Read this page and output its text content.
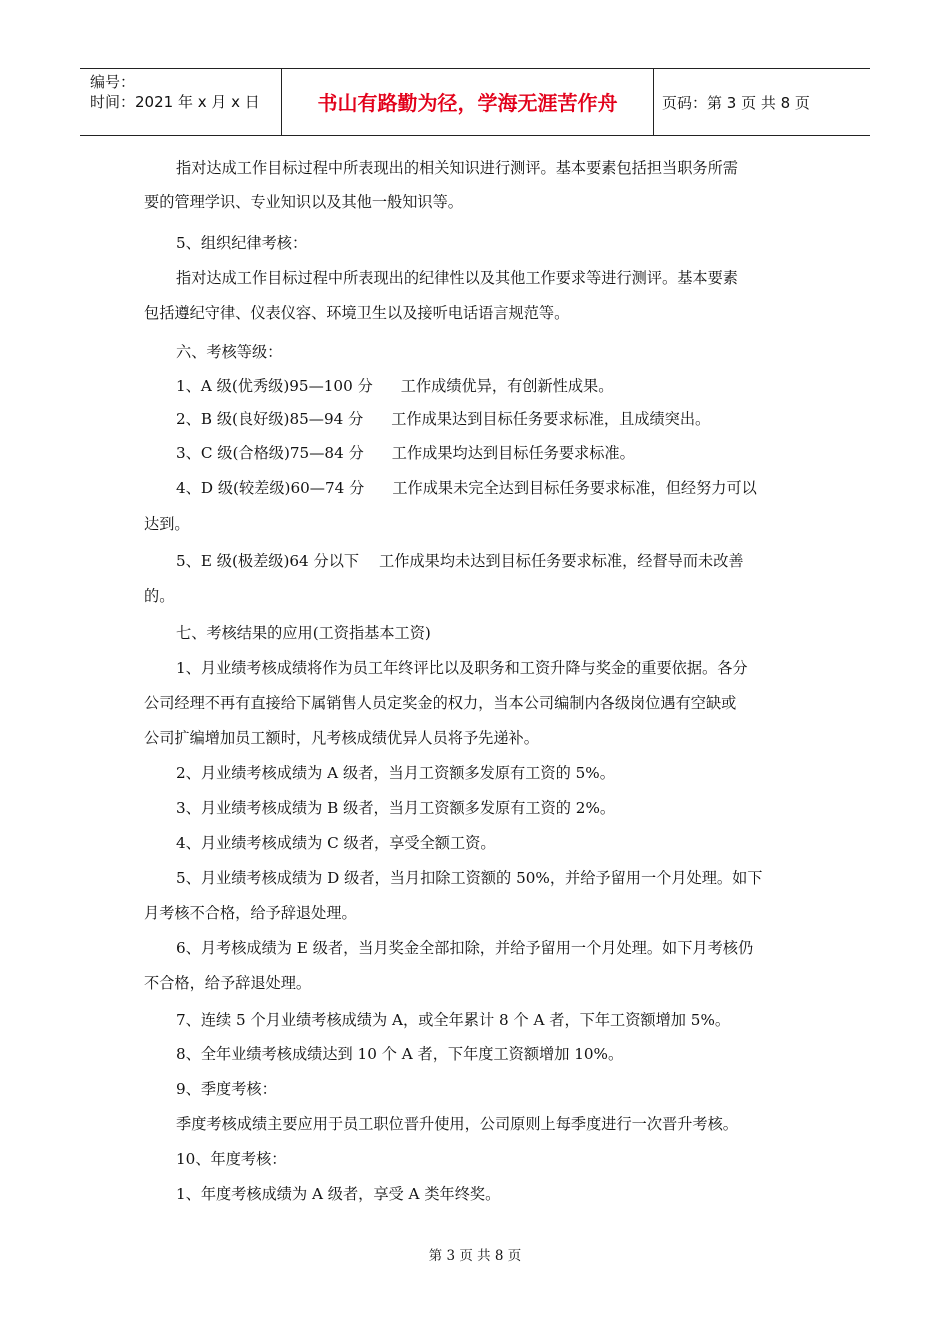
编号：
时间：2021 年 x 月 x 日	书山有路勤为径，学海无涯苦作舟	页码：第 3 页 共 8 页
指对达成工作目标过程中所表现出的相关知识进行测评。基本要素包括担当职务所需
要的管理学识、专业知识以及其他一般知识等。
5、组织纪律考核：
指对达成工作目标过程中所表现出的纪律性以及其他工作要求等进行测评。基本要素
包括遵纪守律、仪表仪容、环境卫生以及接听电话语言规范等。
六、考核等级：
1、A 级(优秀级)95—100 分 工作成绩优异，有创新性成果。
2、B 级(良好级)85—94 分 工作成果达到目标任务要求标准，且成绩突出。
3、C 级(合格级)75—84 分 工作成果均达到目标任务要求标准。
4、D 级(较差级)60—74 分 工作成果未完全达到目标任务要求标准，但经努力可以
达到。
5、E 级(极差级)64 分以下 工作成果均未达到目标任务要求标准，经督导而未改善
的。
七、考核结果的应用(工资指基本工资)
1、月业绩考核成绩将作为员工年终评比以及职务和工资升降与奖金的重要依据。各分
公司经理不再有直接给下属销售人员定奖金的权力，当本公司编制内各级岗位遇有空缺或
公司扩编增加员工额时，凡考核成绩优异人员将予先递补。
2、月业绩考核成绩为 A 级者，当月工资额多发原有工资的 5%。
3、月业绩考核成绩为 B 级者，当月工资额多发原有工资的 2%。
4、月业绩考核成绩为 C 级者，享受全额工资。
5、月业绩考核成绩为 D 级者，当月扣除工资额的 50%，并给予留用一个月处理。如下
月考核不合格，给予辞退处理。
6、月考核成绩为 E 级者，当月奖金全部扣除，并给予留用一个月处理。如下月考核仍
不合格，给予辞退处理。
7、连续 5 个月业绩考核成绩为 A，或全年累计 8 个 A 者，下年工资额增加 5%。
8、全年业绩考核成绩达到 10 个 A 者，下年度工资额增加 10%。
9、季度考核：
季度考核成绩主要应用于员工职位晋升使用，公司原则上每季度进行一次晋升考核。
10、年度考核：
1、年度考核成绩为 A 级者，享受 A 类年终奖。
第 3 页 共 8 页
